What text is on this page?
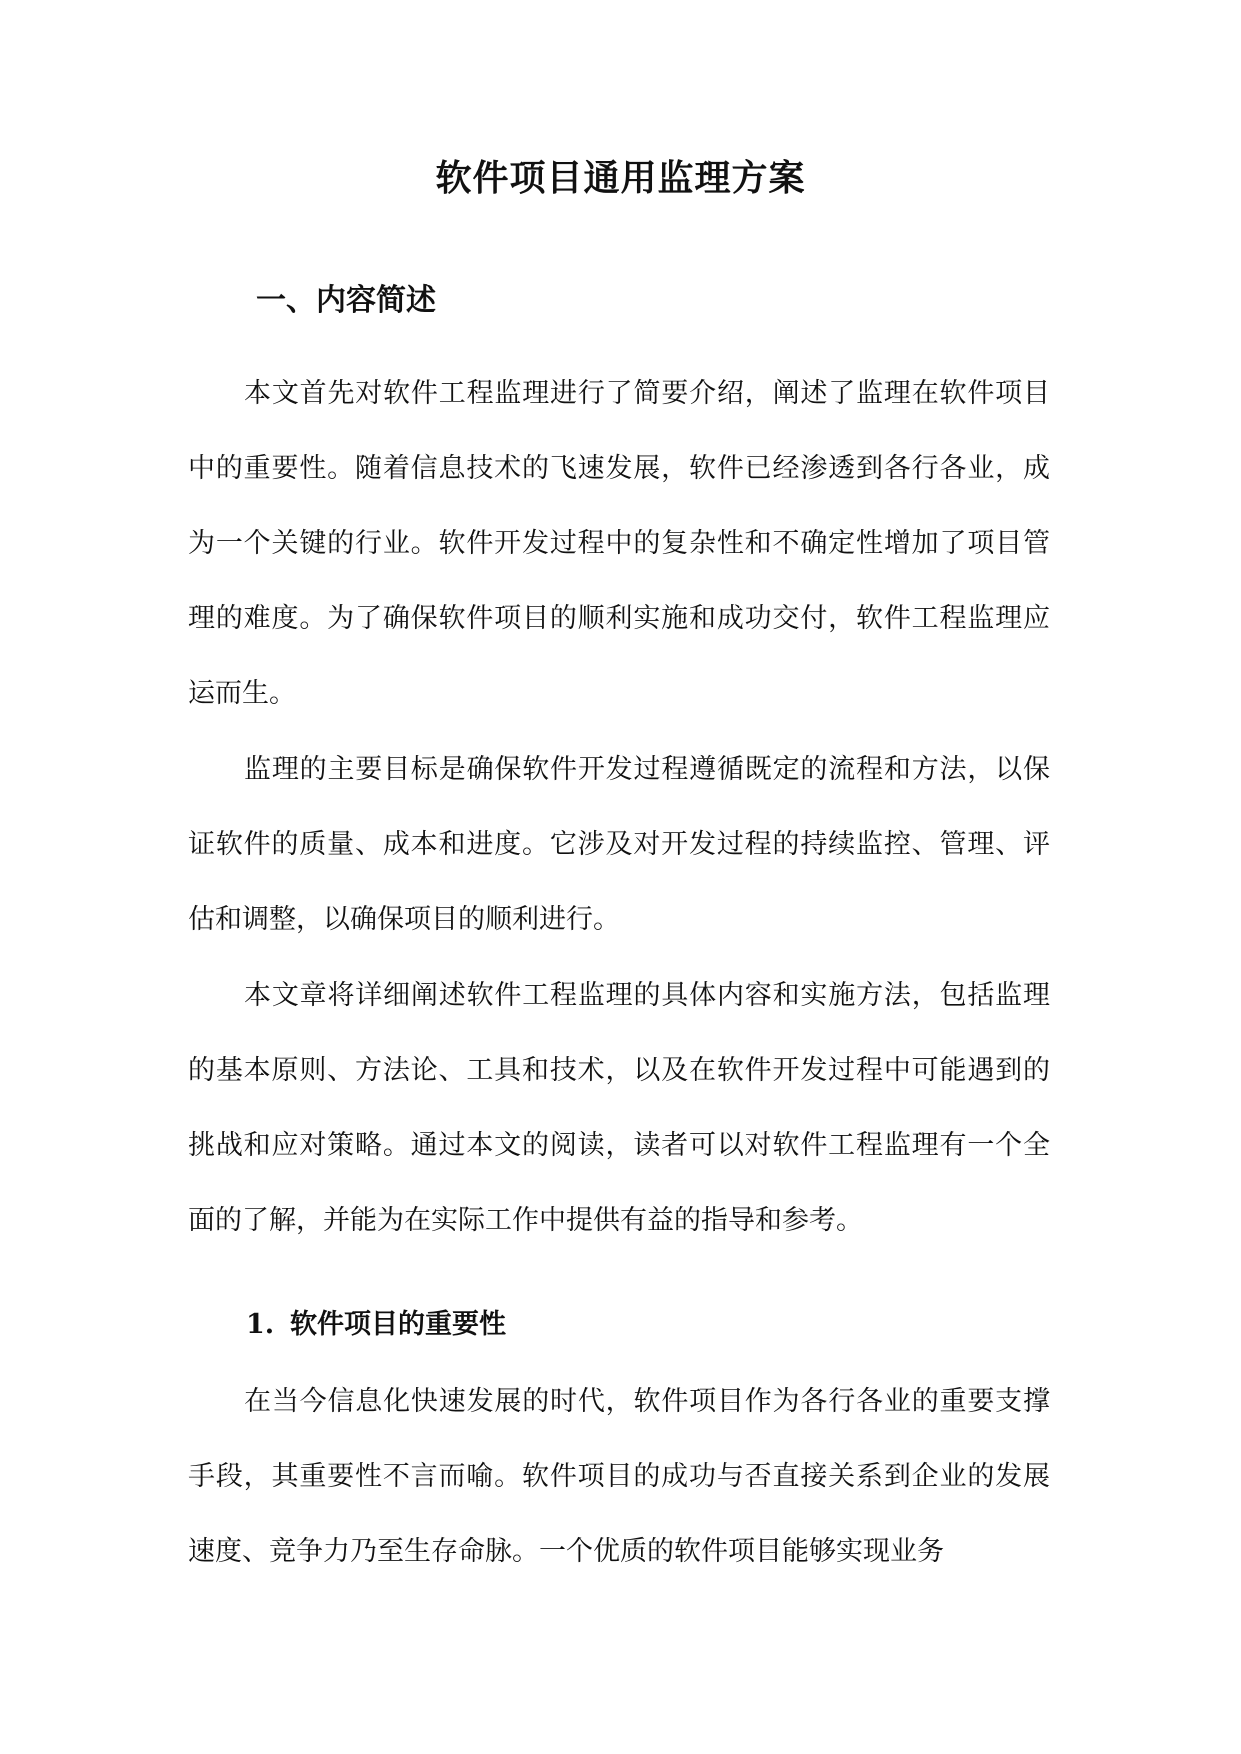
软件项目通用监理方案
一、内容简述

本文首先对软件工程监理进行了简要介绍，阐述了监理在软件项目中的重要性。随着信息技术的飞速发展，软件已经渗透到各行各业，成为一个关键的行业。软件开发过程中的复杂性和不确定性增加了项目管理的难度。为了确保软件项目的顺利实施和成功交付，软件工程监理应运而生。

监理的主要目标是确保软件开发过程遵循既定的流程和方法，以保证软件的质量、成本和进度。它涉及对开发过程的持续监控、管理、评估和调整，以确保项目的顺利进行。

本文章将详细阐述软件工程监理的具体内容和实施方法，包括监理的基本原则、方法论、工具和技术，以及在软件开发过程中可能遇到的挑战和应对策略。通过本文的阅读，读者可以对软件工程监理有一个全面的了解，并能为在实际工作中提供有益的指导和参考。

1. 软件项目的重要性

在当今信息化快速发展的时代，软件项目作为各行各业的重要支撑手段，其重要性不言而喻。软件项目的成功与否直接关系到企业的发展速度、竞争力乃至生存命脉。一个优质的软件项目能够实现业务
